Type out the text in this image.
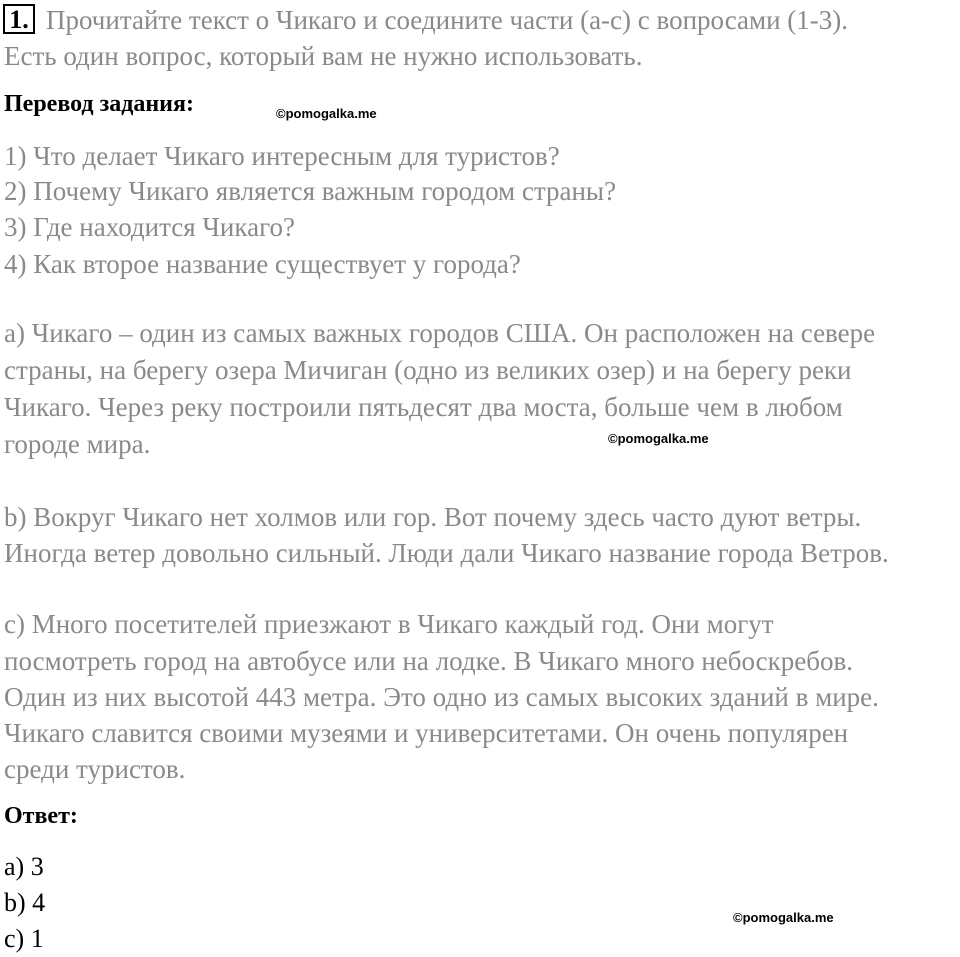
1. Прочитайте текст о Чикаго и соедините части (a-c) с вопросами (1-3).
Есть один вопрос, который вам не нужно использовать.
Перевод задания:	©pomogalka.me
1) Что делает Чикаго интересным для туристов?
2) Почему Чикаго является важным городом страны?
3) Где находится Чикаго?
4) Как второе название существует у города?
a) Чикаго – один из самых важных городов США. Он расположен на севере
страны, на берегу озера Мичиган (одно из великих озер) и на берегу реки
Чикаго. Через реку построили пятьдесят два моста, больше чем в любом
городе мира.	©pomogalka.me
b) Вокруг Чикаго нет холмов или гор. Вот почему здесь часто дуют ветры.
Иногда ветер довольно сильный. Люди дали Чикаго название города Ветров.
c) Много посетителей приезжают в Чикаго каждый год. Они могут
посмотреть город на автобусе или на лодке. В Чикаго много небоскребов.
Один из них высотой 443 метра. Это одно из самых высоких зданий в мире.
Чикаго славится своими музеями и университетами. Он очень популярен
среди туристов.
Ответ:
a) 3
b) 4
c) 1
©pomogalka.me
